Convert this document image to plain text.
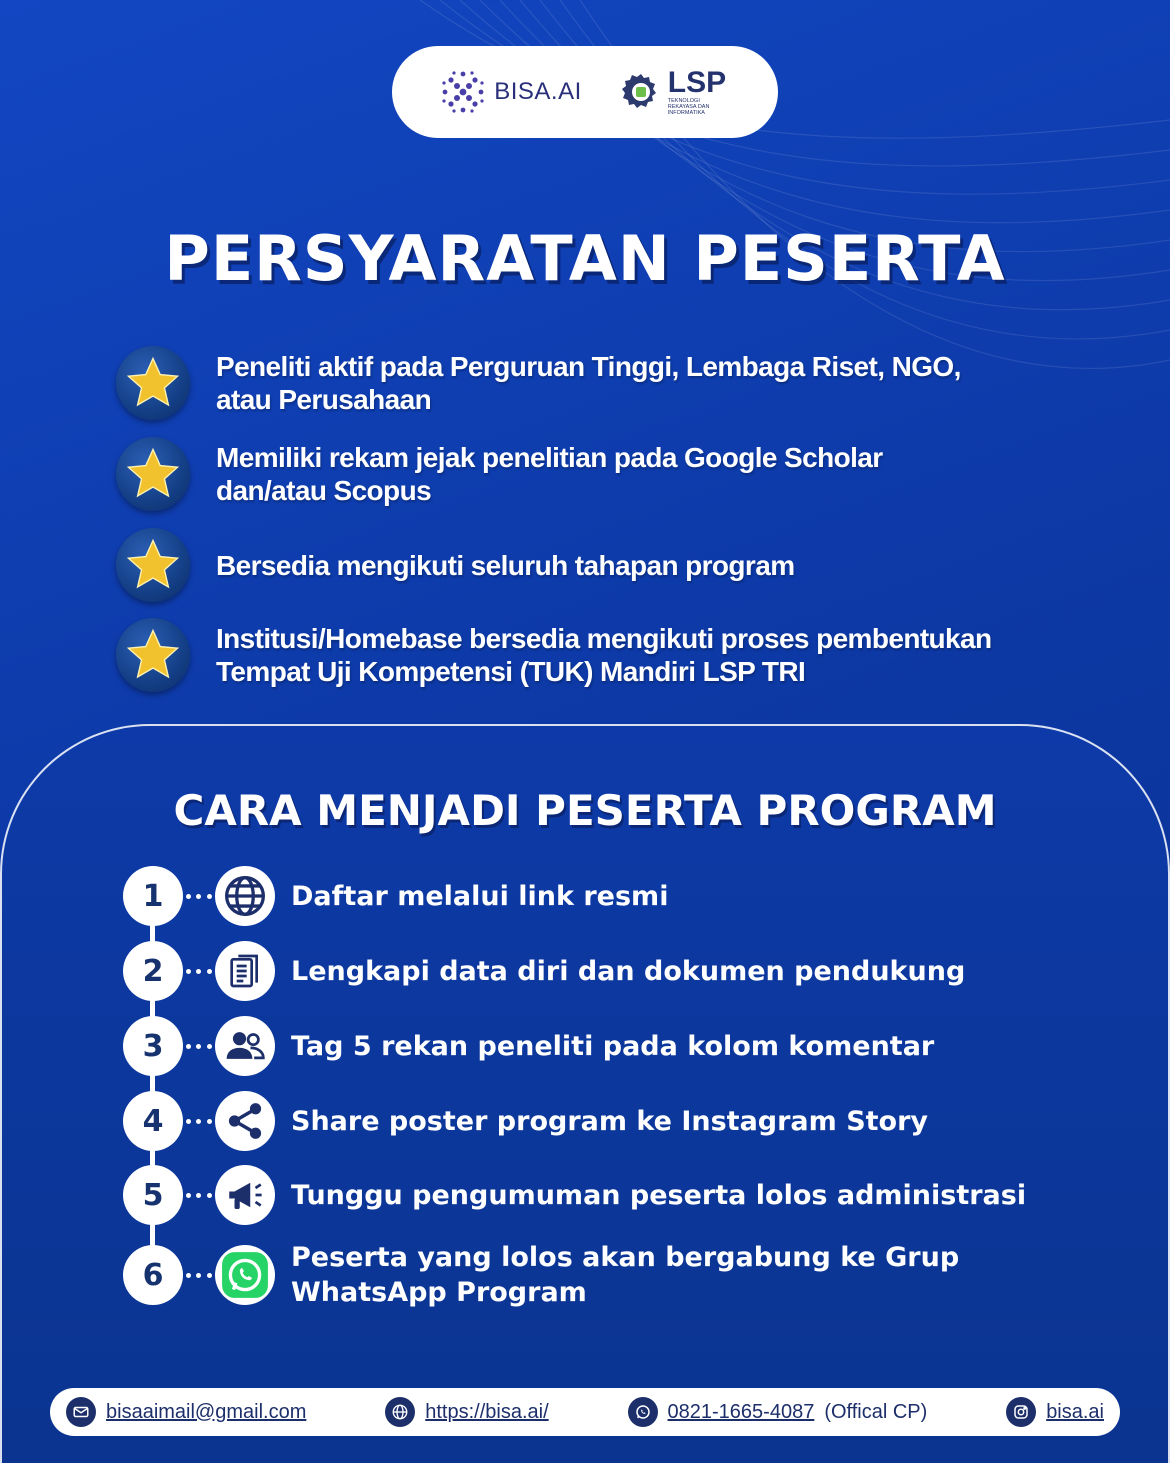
BISA.AI	LSP
TEKNOLOGI REKAYASA DAN INFORMATIKA
PERSYARATAN PESERTA
Peneliti aktif pada Perguruan Tinggi, Lembaga Riset, NGO,
atau Perusahaan
Memiliki rekam jejak penelitian pada Google Scholar
dan/atau Scopus
Bersedia mengikuti seluruh tahapan program
Institusi/Homebase bersedia mengikuti proses pembentukan
Tempat Uji Kompetensi (TUK) Mandiri LSP TRI
CARA MENJADI PESERTA PROGRAM
1	Daftar melalui link resmi
2	Lengkapi data diri dan dokumen pendukung
3	Tag 5 rekan peneliti pada kolom komentar
4	Share poster program ke Instagram Story
5	Tunggu pengumuman peserta lolos administrasi
6	Peserta yang lolos akan bergabung ke Grup
WhatsApp Program
bisaaimail@gmail.com	https://bisa.ai/	0821-1665-4087 (Offical CP)	bisa.ai
